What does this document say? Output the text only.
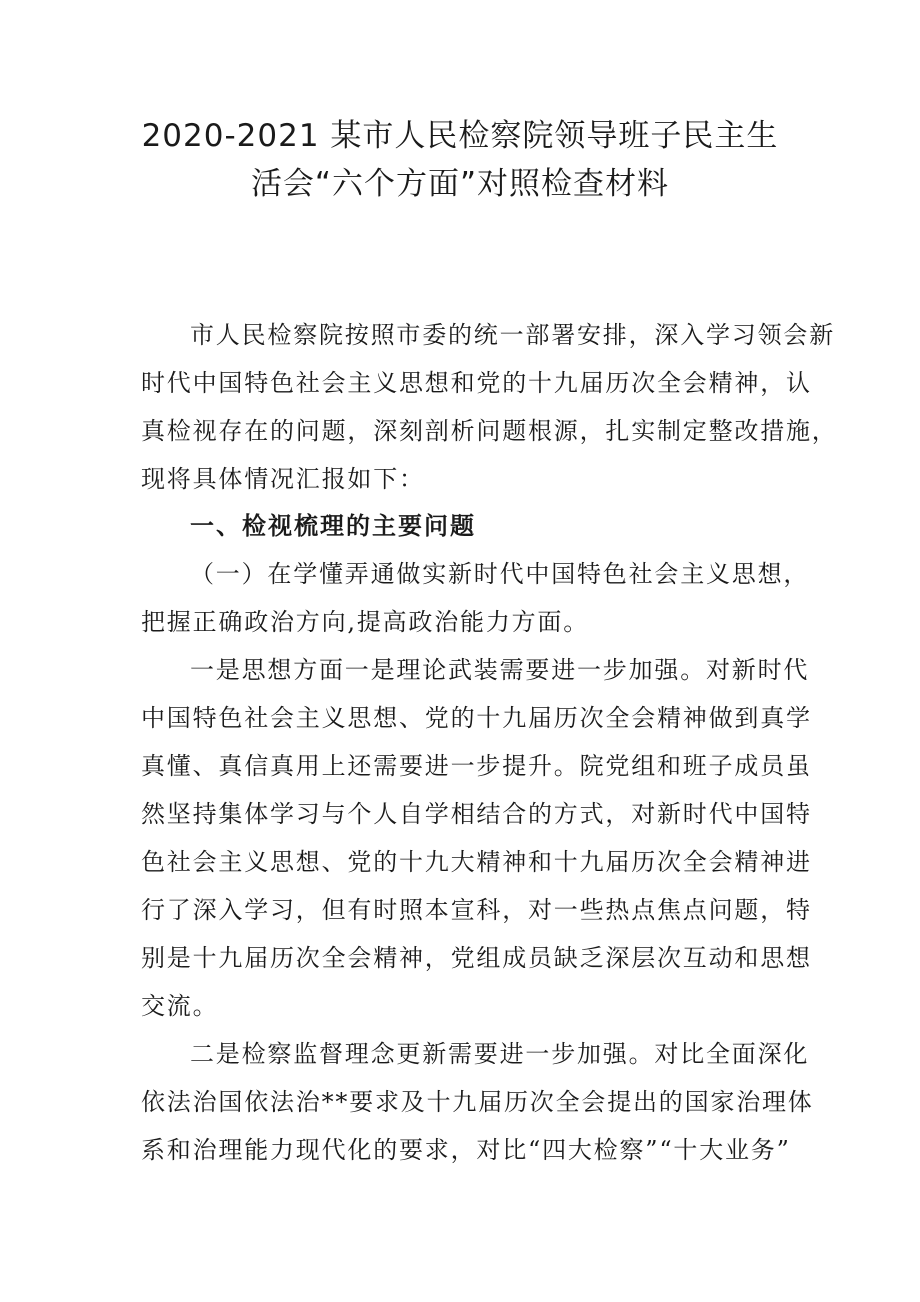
2020-2021 某市人民检察院领导班子民主生
活会“六个方面”对照检查材料

市人民检察院按照市委的统一部署安排，深入学习领会新

时代中国特色社会主义思想和党的十九届历次全会精神，认

真检视存在的问题，深刻剖析问题根源，扎实制定整改措施，

现将具体情况汇报如下：

一、检视梳理的主要问题

（一）在学懂弄通做实新时代中国特色社会主义思想，

把握正确政治方向,提高政治能力方面。

一是思想方面一是理论武装需要进一步加强。对新时代

中国特色社会主义思想、党的十九届历次全会精神做到真学

真懂、真信真用上还需要进一步提升。院党组和班子成员虽

然坚持集体学习与个人自学相结合的方式，对新时代中国特

色社会主义思想、党的十九大精神和十九届历次全会精神进

行了深入学习，但有时照本宣科，对一些热点焦点问题，特

别是十九届历次全会精神，党组成员缺乏深层次互动和思想

交流。

二是检察监督理念更新需要进一步加强。对比全面深化

依法治国依法治**要求及十九届历次全会提出的国家治理体

系和治理能力现代化的要求，对比“四大检察”“十大业务”
